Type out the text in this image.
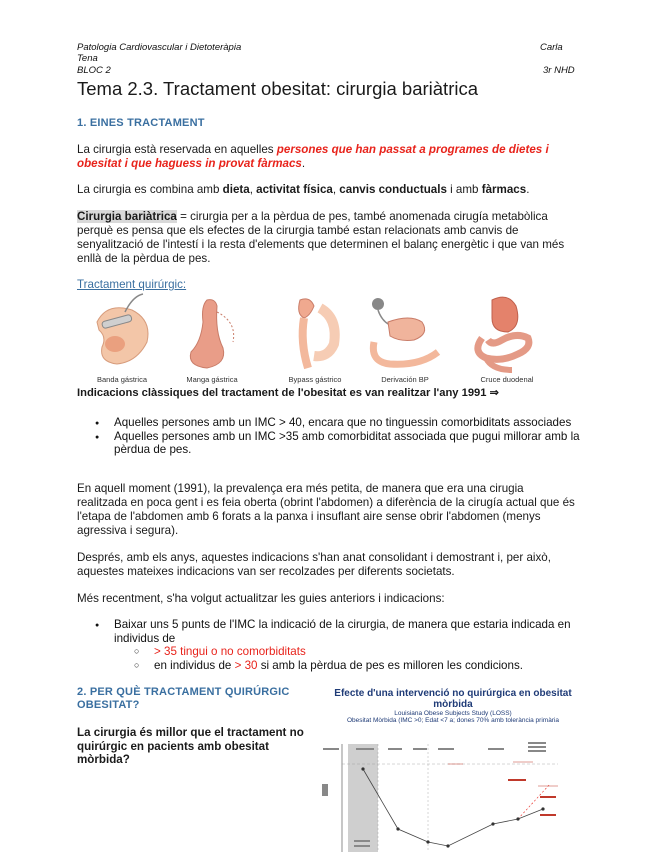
Patologia Cardiovascular i Dietoteràpia	Carla
Tena
BLOC 2	3r NHD
Tema 2.3. Tractament obesitat: cirurgia bariàtrica
1. EINES TRACTAMENT
La cirurgia està reservada en aquelles persones que han passat a programes de dietes i obesitat i que haguess in provat fàrmacs.
La cirurgia es combina amb dieta, activitat física, canvis conductuals i amb fàrmacs.
Cirurgia bariàtrica = cirurgia per a la pèrdua de pes, també anomenada cirugía metabòlica perquè es pensa que els efectes de la cirurgia també estan relacionats amb canvis de senyalització de l'intestí i la resta d'elements que determinen el balanç energètic i que van més enllà de la pèrdua de pes.
Tractament quirúrgic:
Banda gástrica	Manga gástrica	Bypass gástrico	Derivación BP	Cruce duodenal
Indicacions clàssiques del tractament de l'obesitat es van realitzar l'any 1991 ⇒
● Aquelles persones amb un IMC > 40, encara que no tinguessin comorbiditats associades
● Aquelles persones amb un IMC >35 amb comorbiditat associada que pugui millorar amb la pèrdua de pes.
En aquell moment (1991), la prevalença era més petita, de manera que era una cirugia realitzada en poca gent i es feia oberta (obrint l'abdomen) a diferència de la cirugía actual que és l'etapa de l'abdomen amb 6 forats a la panxa i insuflant aire sense obrir l'abdomen (menys agressiva i segura).
Després, amb els anys, aquestes indicacions s'han anat consolidant i demostrant i, per això, aquestes mateixes indicacions van ser recolzades per diferents societats.
Més recentment, s'ha volgut actualitzar les guies anteriors i indicacions:
● Baixar uns 5 punts de l'IMC la indicació de la cirurgia, de manera que estaria indicada en individus de
○ > 35 tingui o no comorbiditats
○ en individus de > 30 si amb la pèrdua de pes es milloren les condicions.
2. PER QUÈ TRACTAMENT QUIRÚRGIC
OBESITAT?
La cirurgia és millor que el tractament no
quirúrgic en pacients amb obesitat
mòrbida?
Efecte d'una intervenció no quirúrgica en obesitat mòrbida
Louisiana Obese Subjects Study (LOSS)
Obesitat Mòrbida (IMC >0; Edat <7 a; dones 70% amb tolerància primària
